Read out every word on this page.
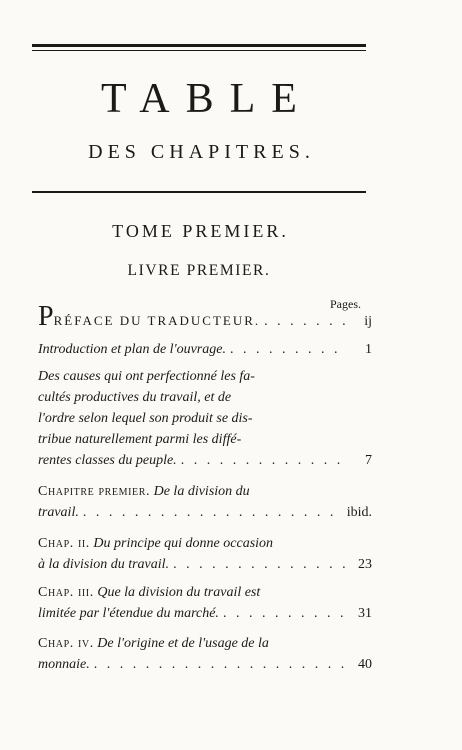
TABLE
DES CHAPITRES.
TOME PREMIER.
LIVRE PREMIER.
Pages.
P RÉFACE DU TRADUCTEUR. . . .	ij
Introduction et plan de l'ouvrage. . . .	1
Des causes qui ont perfectionné les fa-
cultés productives du travail, et de
l'ordre selon lequel son produit se dis-
tribue naturellement parmi les diffé-
rentes classes du peuple. . . .	7
Chapitre premier. De la division du
travail. . . .	ibid.
Chap. ii. Du principe qui donne occasion
à la division du travail. . . .	23
Chap. iii. Que la division du travail est
limitée par l'étendue du marché. . . .	31
Chap. iv. De l'origine et de l'usage de la
monnaie. . . .	40
